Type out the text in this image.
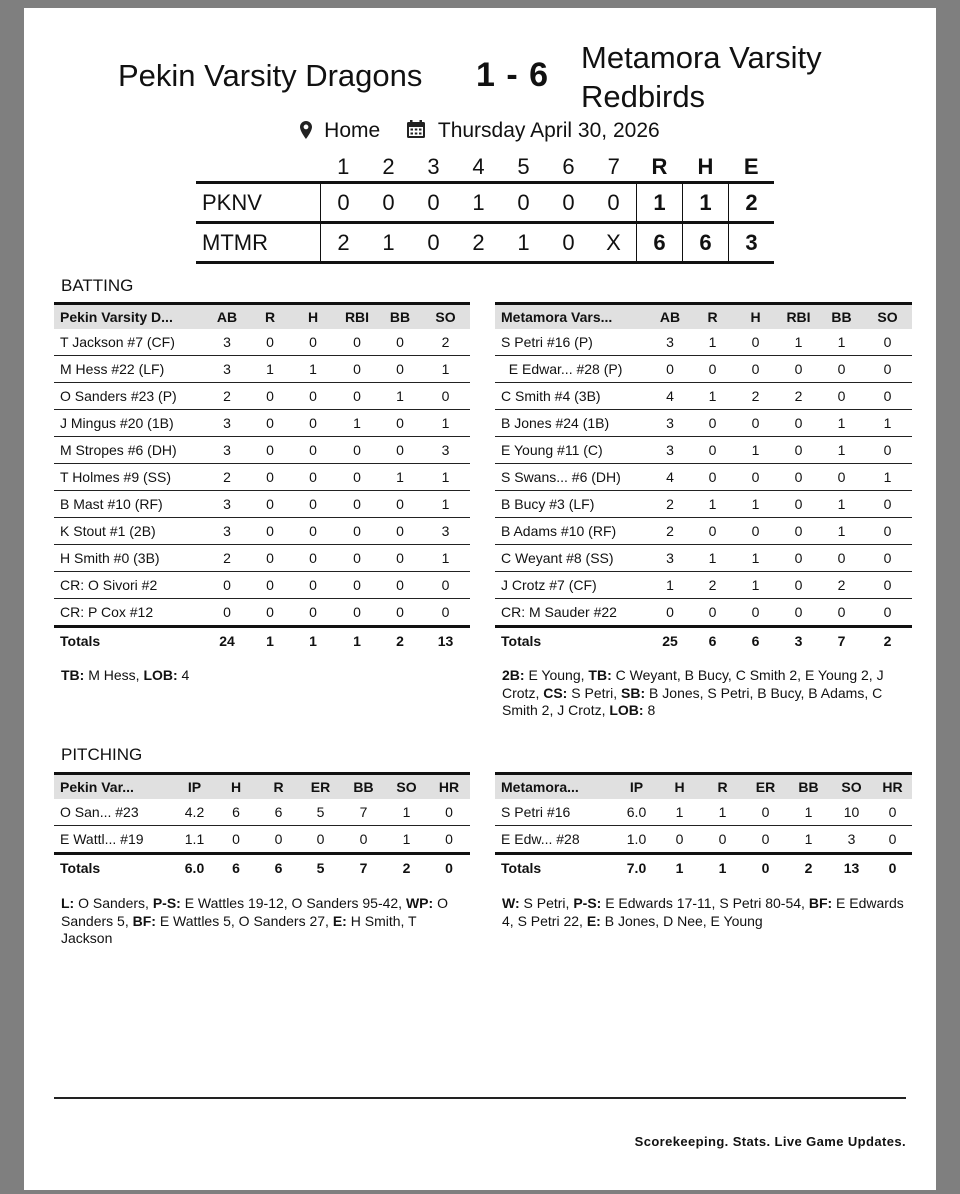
Pekin Varsity Dragons 1 - 6 Metamora Varsity Redbirds
Home	Thursday April 30, 2026
	1	2	3	4	5	6	7	R	H	E
PKNV	0	0	0	1	0	0	0	1	1	2
MTMR	2	1	0	2	1	0	X	6	6	3
BATTING
Pekin Varsity D...	AB	R	H	RBI	BB	SO
T Jackson #7 (CF)	3	0	0	0	0	2
M Hess #22 (LF)	3	1	1	0	0	1
O Sanders #23 (P)	2	0	0	0	1	0
J Mingus #20 (1B)	3	0	0	1	0	1
M Stropes #6 (DH)	3	0	0	0	0	3
T Holmes #9 (SS)	2	0	0	0	1	1
B Mast #10 (RF)	3	0	0	0	0	1
K Stout #1 (2B)	3	0	0	0	0	3
H Smith #0 (3B)	2	0	0	0	0	1
CR: O Sivori #2	0	0	0	0	0	0
CR: P Cox #12	0	0	0	0	0	0
Totals	24	1	1	1	2	13
Metamora Vars...	AB	R	H	RBI	BB	SO
S Petri #16 (P)	3	1	0	1	1	0
E Edwar... #28 (P)	0	0	0	0	0	0
C Smith #4 (3B)	4	1	2	2	0	0
B Jones #24 (1B)	3	0	0	0	1	1
E Young #11 (C)	3	0	1	0	1	0
S Swans... #6 (DH)	4	0	0	0	0	1
B Bucy #3 (LF)	2	1	1	0	1	0
B Adams #10 (RF)	2	0	0	0	1	0
C Weyant #8 (SS)	3	1	1	0	0	0
J Crotz #7 (CF)	1	2	1	0	2	0
CR: M Sauder #22	0	0	0	0	0	0
Totals	25	6	6	3	7	2
TB: M Hess, LOB: 4	2B: E Young, TB: C Weyant, B Bucy, C Smith 2, E Young 2, J Crotz, CS: S Petri, SB: B Jones, S Petri, B Bucy, B Adams, C Smith 2, J Crotz, LOB: 8
PITCHING
Pekin Var...	IP	H	R	ER	BB	SO	HR
O San... #23	4.2	6	6	5	7	1	0
E Wattl... #19	1.1	0	0	0	0	1	0
Totals	6.0	6	6	5	7	2	0
Metamora...	IP	H	R	ER	BB	SO	HR
S Petri #16	6.0	1	1	0	1	10	0
E Edw... #28	1.0	0	0	0	1	3	0
Totals	7.0	1	1	0	2	13	0
L: O Sanders, P-S: E Wattles 19-12, O Sanders 95-42, WP: O Sanders 5, BF: E Wattles 5, O Sanders 27, E: H Smith, T Jackson
W: S Petri, P-S: E Edwards 17-11, S Petri 80-54, BF: E Edwards 4, S Petri 22, E: B Jones, D Nee, E Young
Scorekeeping. Stats. Live Game Updates.
